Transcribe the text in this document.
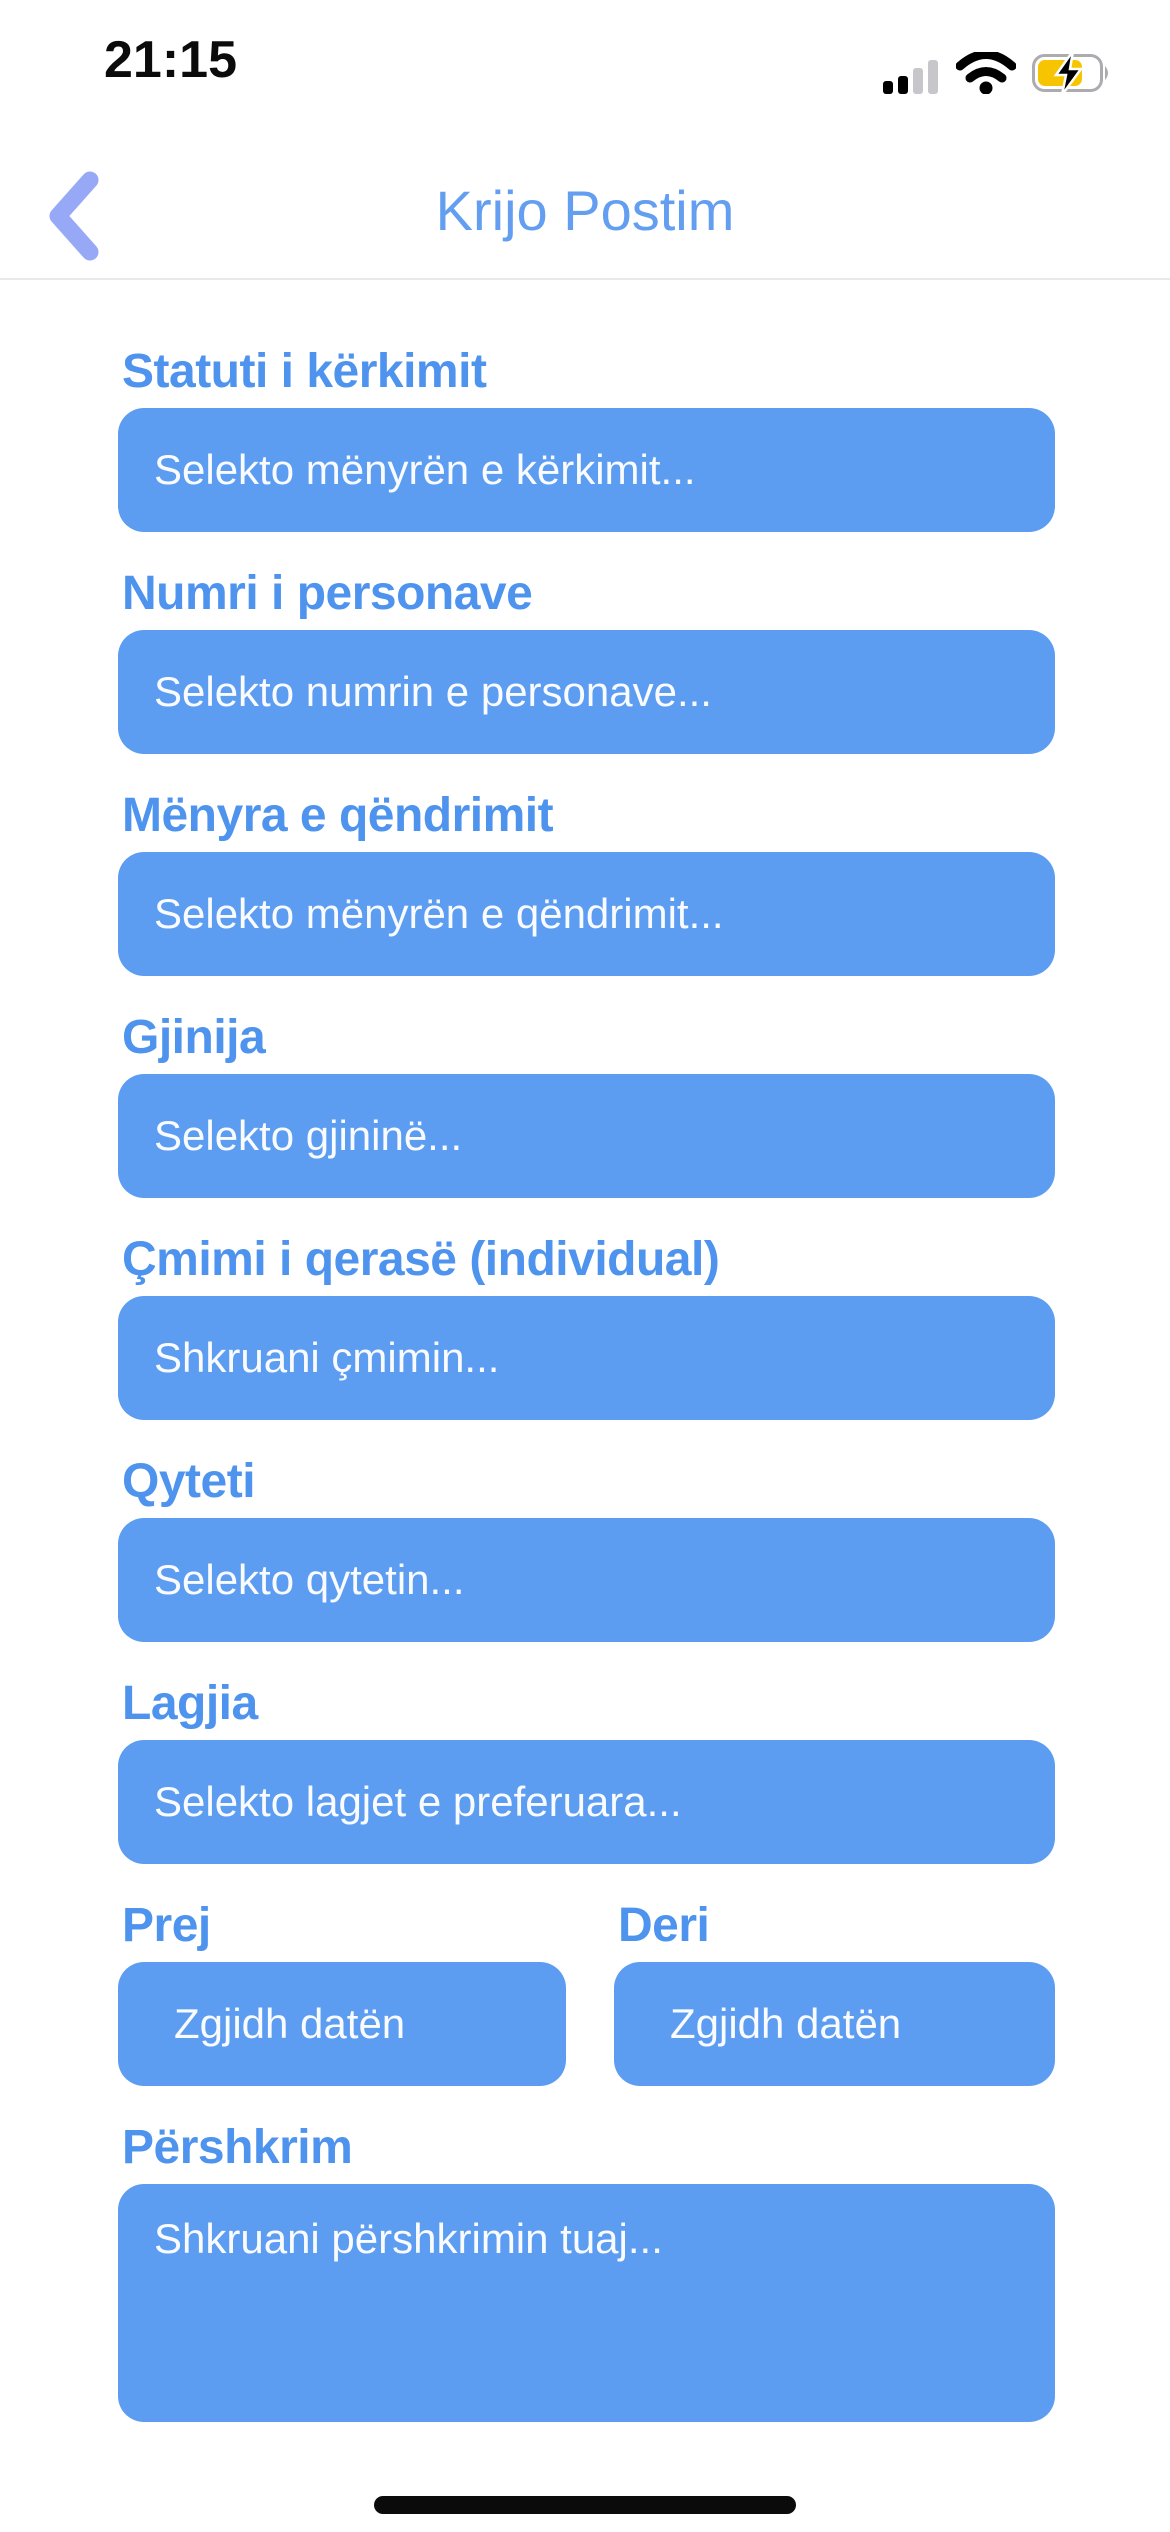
21:15
Krijo Postim
Statuti i kërkimit
Selekto mënyrën e kërkimit...
Numri i personave
Selekto numrin e personave...
Mënyra e qëndrimit
Selekto mënyrën e qëndrimit...
Gjinija
Selekto gjininë...
Çmimi i qerasë (individual)
Shkruani çmimin...
Qyteti
Selekto qytetin...
Lagjia
Selekto lagjet e preferuara...
Prej
Zgjidh datën
Deri
Zgjidh datën
Përshkrim
Shkruani përshkrimin tuaj...
